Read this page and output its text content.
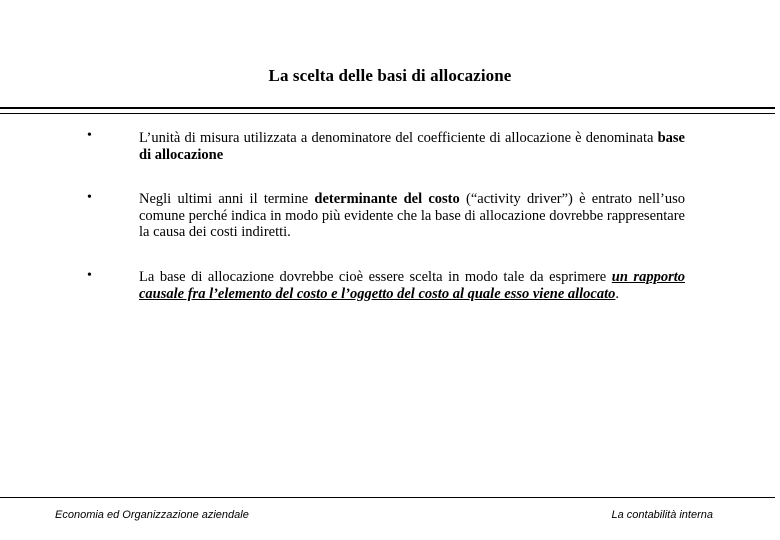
La scelta delle basi di allocazione
•	L’unità di misura utilizzata a denominatore del coefficiente di allocazione è denominata base di allocazione
•	Negli ultimi anni il termine determinante del costo (“activity driver”) è entrato nell’uso comune perché indica in modo più evidente che la base di allocazione dovrebbe rappresentare la causa dei costi indiretti.
•	La base di allocazione dovrebbe cioè essere scelta in modo tale da esprimere un rapporto causale fra l’elemento del costo e l’oggetto del costo al quale esso viene allocato.
Economia ed Organizzazione aziendale	La contabilità interna
